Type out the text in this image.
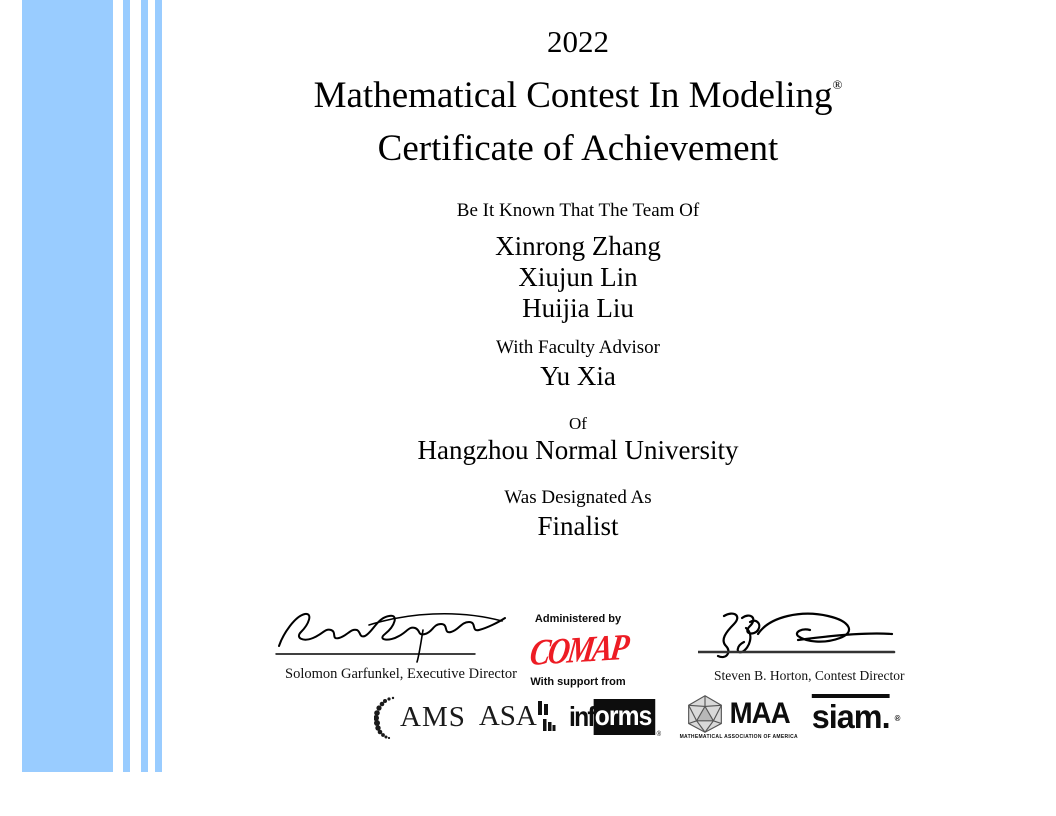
2022
Mathematical Contest In Modeling®
Certificate of Achievement
Be It Known That The Team Of
Xinrong Zhang
Xiujun Lin
Huijia Liu
With Faculty Advisor
Yu Xia
Of
Hangzhou Normal University
Was Designated As
Finalist
Solomon Garfunkel, Executive Director
Administered by
COMAP
With support from	Steven B. Horton, Contest Director
AMS ASA inf orms
®
MAA
MATHEMATICAL ASSOCIATION OF AMERICA
siam. ®
